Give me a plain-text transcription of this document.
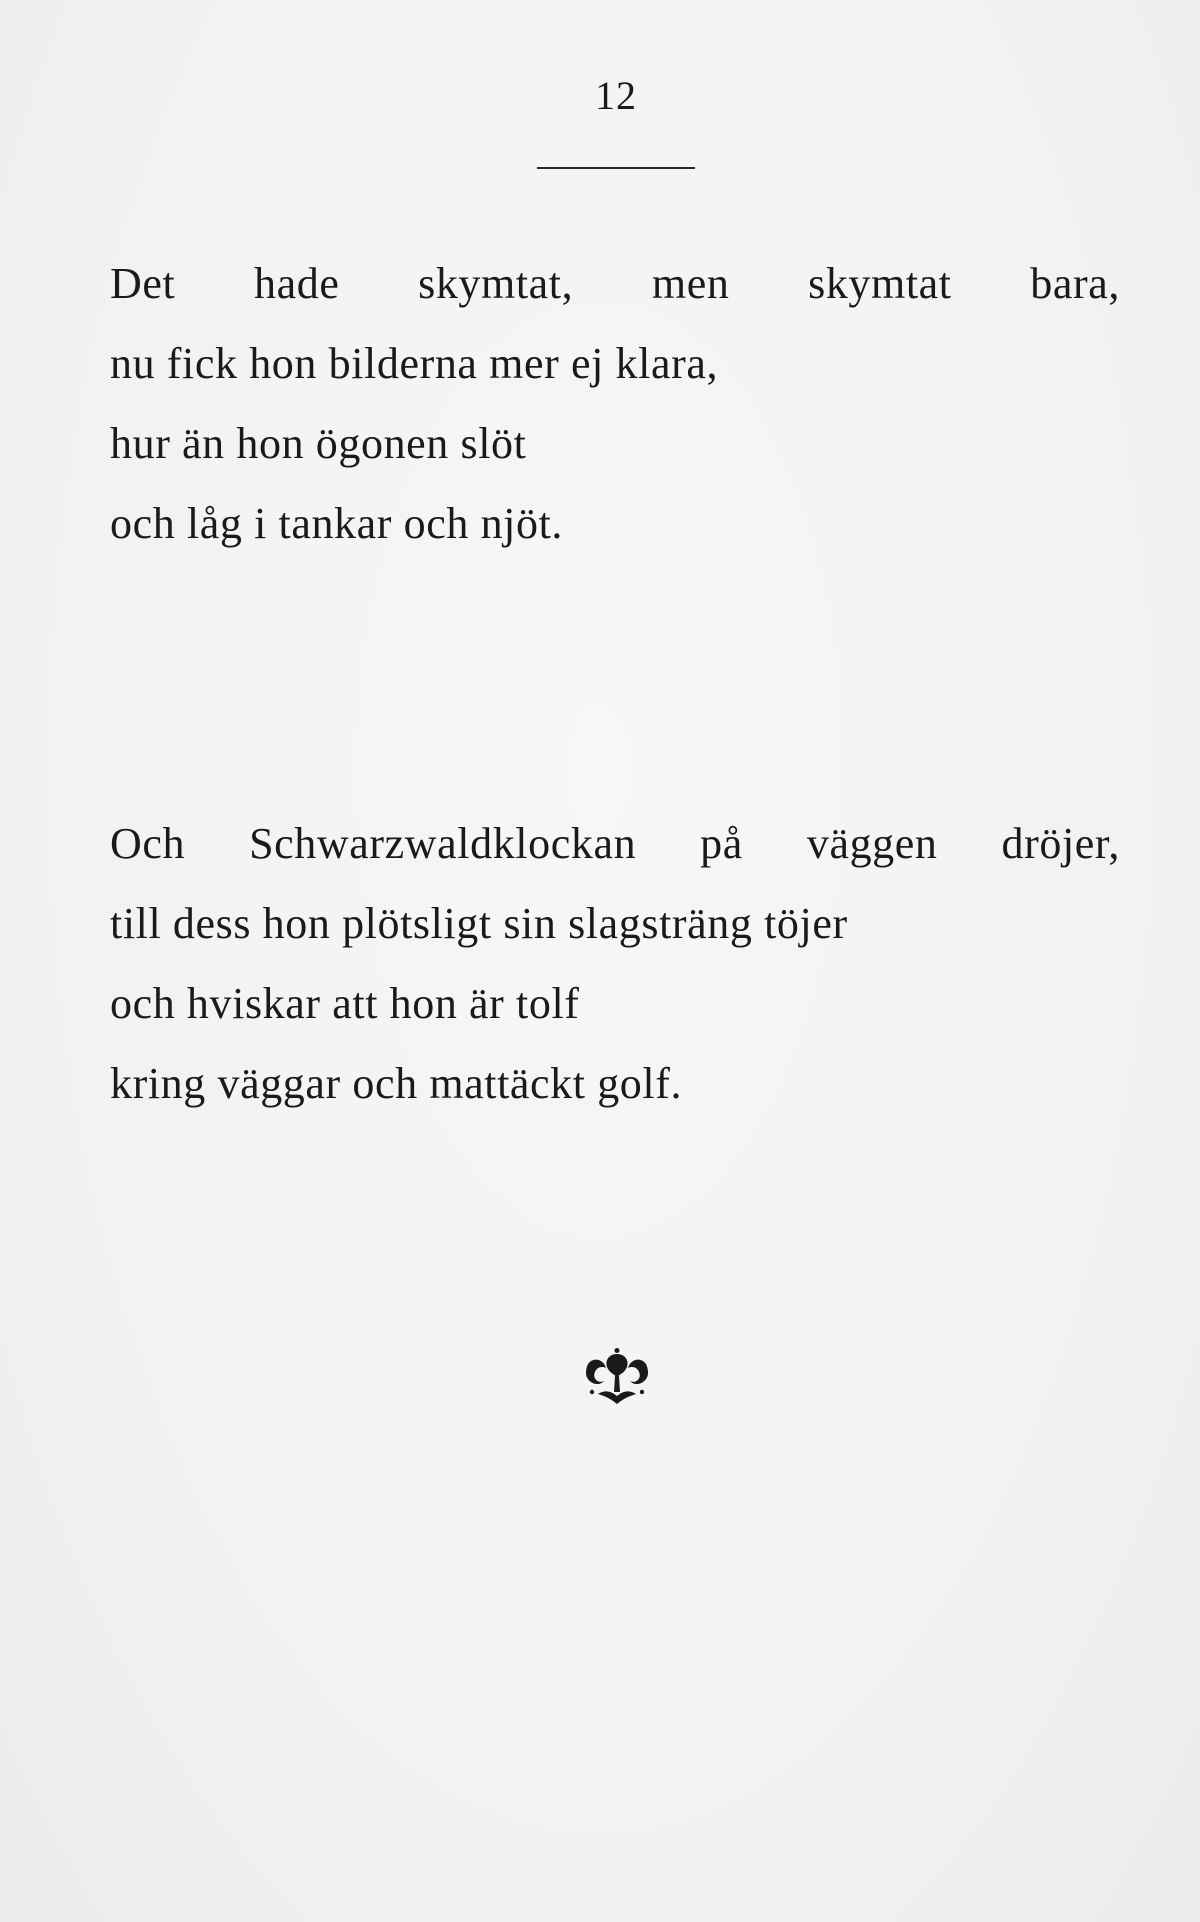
12
Det hade skymtat, men skymtat bara,
nu fick hon bilderna mer ej klara,
hur än hon ögonen slöt
och låg i tankar och njöt.
Och Schwarzwaldklockan på väggen dröjer,
till dess hon plötsligt sin slagsträng töjer
och hviskar att hon är tolf
kring väggar och mattäckt golf.
